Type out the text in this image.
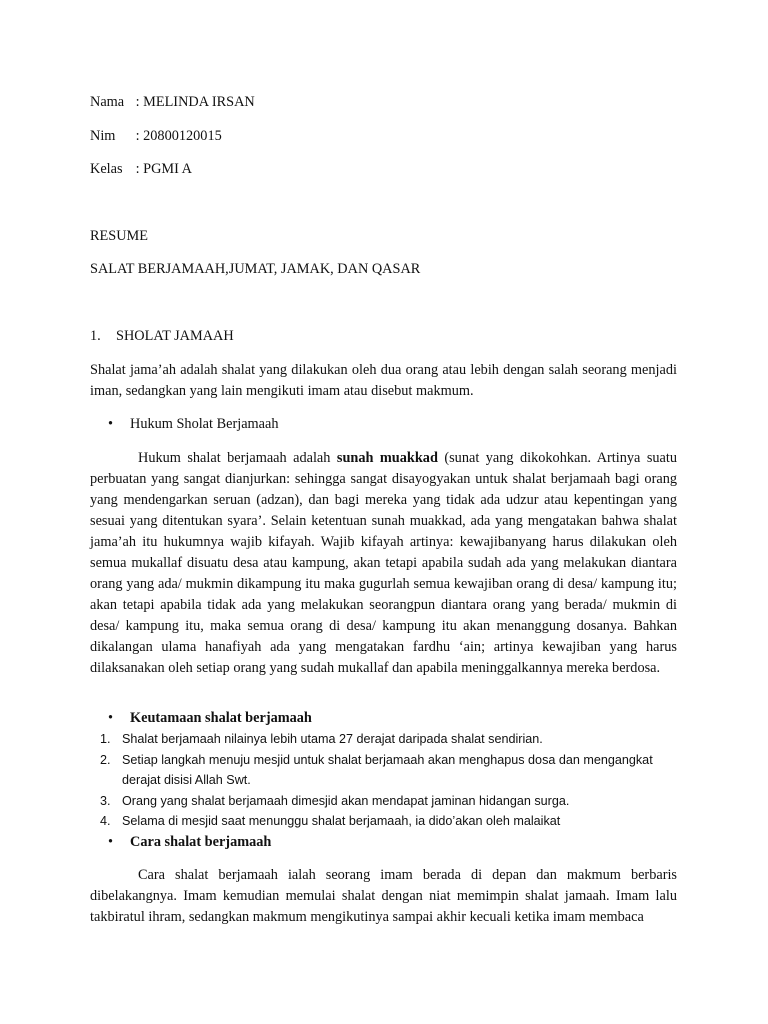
Nama : MELINDA IRSAN
Nim : 20800120015
Kelas : PGMI A
RESUME
SALAT BERJAMAAH,JUMAT, JAMAK, DAN QASAR
1. SHOLAT JAMAAH

Shalat jama’ah adalah shalat yang dilakukan oleh dua orang atau lebih dengan salah seorang menjadi iman, sedangkan yang lain mengikuti imam atau disebut makmum.

• Hukum Sholat Berjamaah

Hukum shalat berjamaah adalah sunah muakkad (sunat yang dikokohkan. Artinya suatu perbuatan yang sangat dianjurkan: sehingga sangat disayogyakan untuk shalat berjamaah bagi orang yang mendengarkan seruan (adzan), dan bagi mereka yang tidak ada udzur atau kepentingan yang sesuai yang ditentukan syara’. Selain ketentuan sunah muakkad, ada yang mengatakan bahwa shalat jama’ah itu hukumnya wajib kifayah. Wajib kifayah artinya: kewajibanyang harus dilakukan oleh semua mukallaf disuatu desa atau kampung, akan tetapi apabila sudah ada yang melakukan diantara orang yang ada/ mukmin dikampung itu maka gugurlah semua kewajiban orang di desa/ kampung itu; akan tetapi apabila tidak ada yang melakukan seorangpun diantara orang yang berada/ mukmin di desa/ kampung itu, maka semua orang di desa/ kampung itu akan menanggung dosanya. Bahkan dikalangan ulama hanafiyah ada yang mengatakan fardhu ‘ain; artinya kewajiban yang harus dilaksanakan oleh setiap orang yang sudah mukallaf dan apabila meninggalkannya mereka berdosa.

• Keutamaan shalat berjamaah
1. Shalat berjamaah nilainya lebih utama 27 derajat daripada shalat sendirian.
2. Setiap langkah menuju mesjid untuk shalat berjamaah akan menghapus dosa dan mengangkat derajat disisi Allah Swt.
3. Orang yang shalat berjamaah dimesjid akan mendapat jaminan hidangan surga.
4. Selama di mesjid saat menunggu shalat berjamaah, ia dido’akan oleh malaikat
• Cara shalat berjamaah

Cara shalat berjamaah ialah seorang imam berada di depan dan makmum berbaris dibelakangnya. Imam kemudian memulai shalat dengan niat memimpin shalat jamaah. Imam lalu takbiratul ihram, sedangkan makmum mengikutinya sampai akhir kecuali ketika imam membaca
